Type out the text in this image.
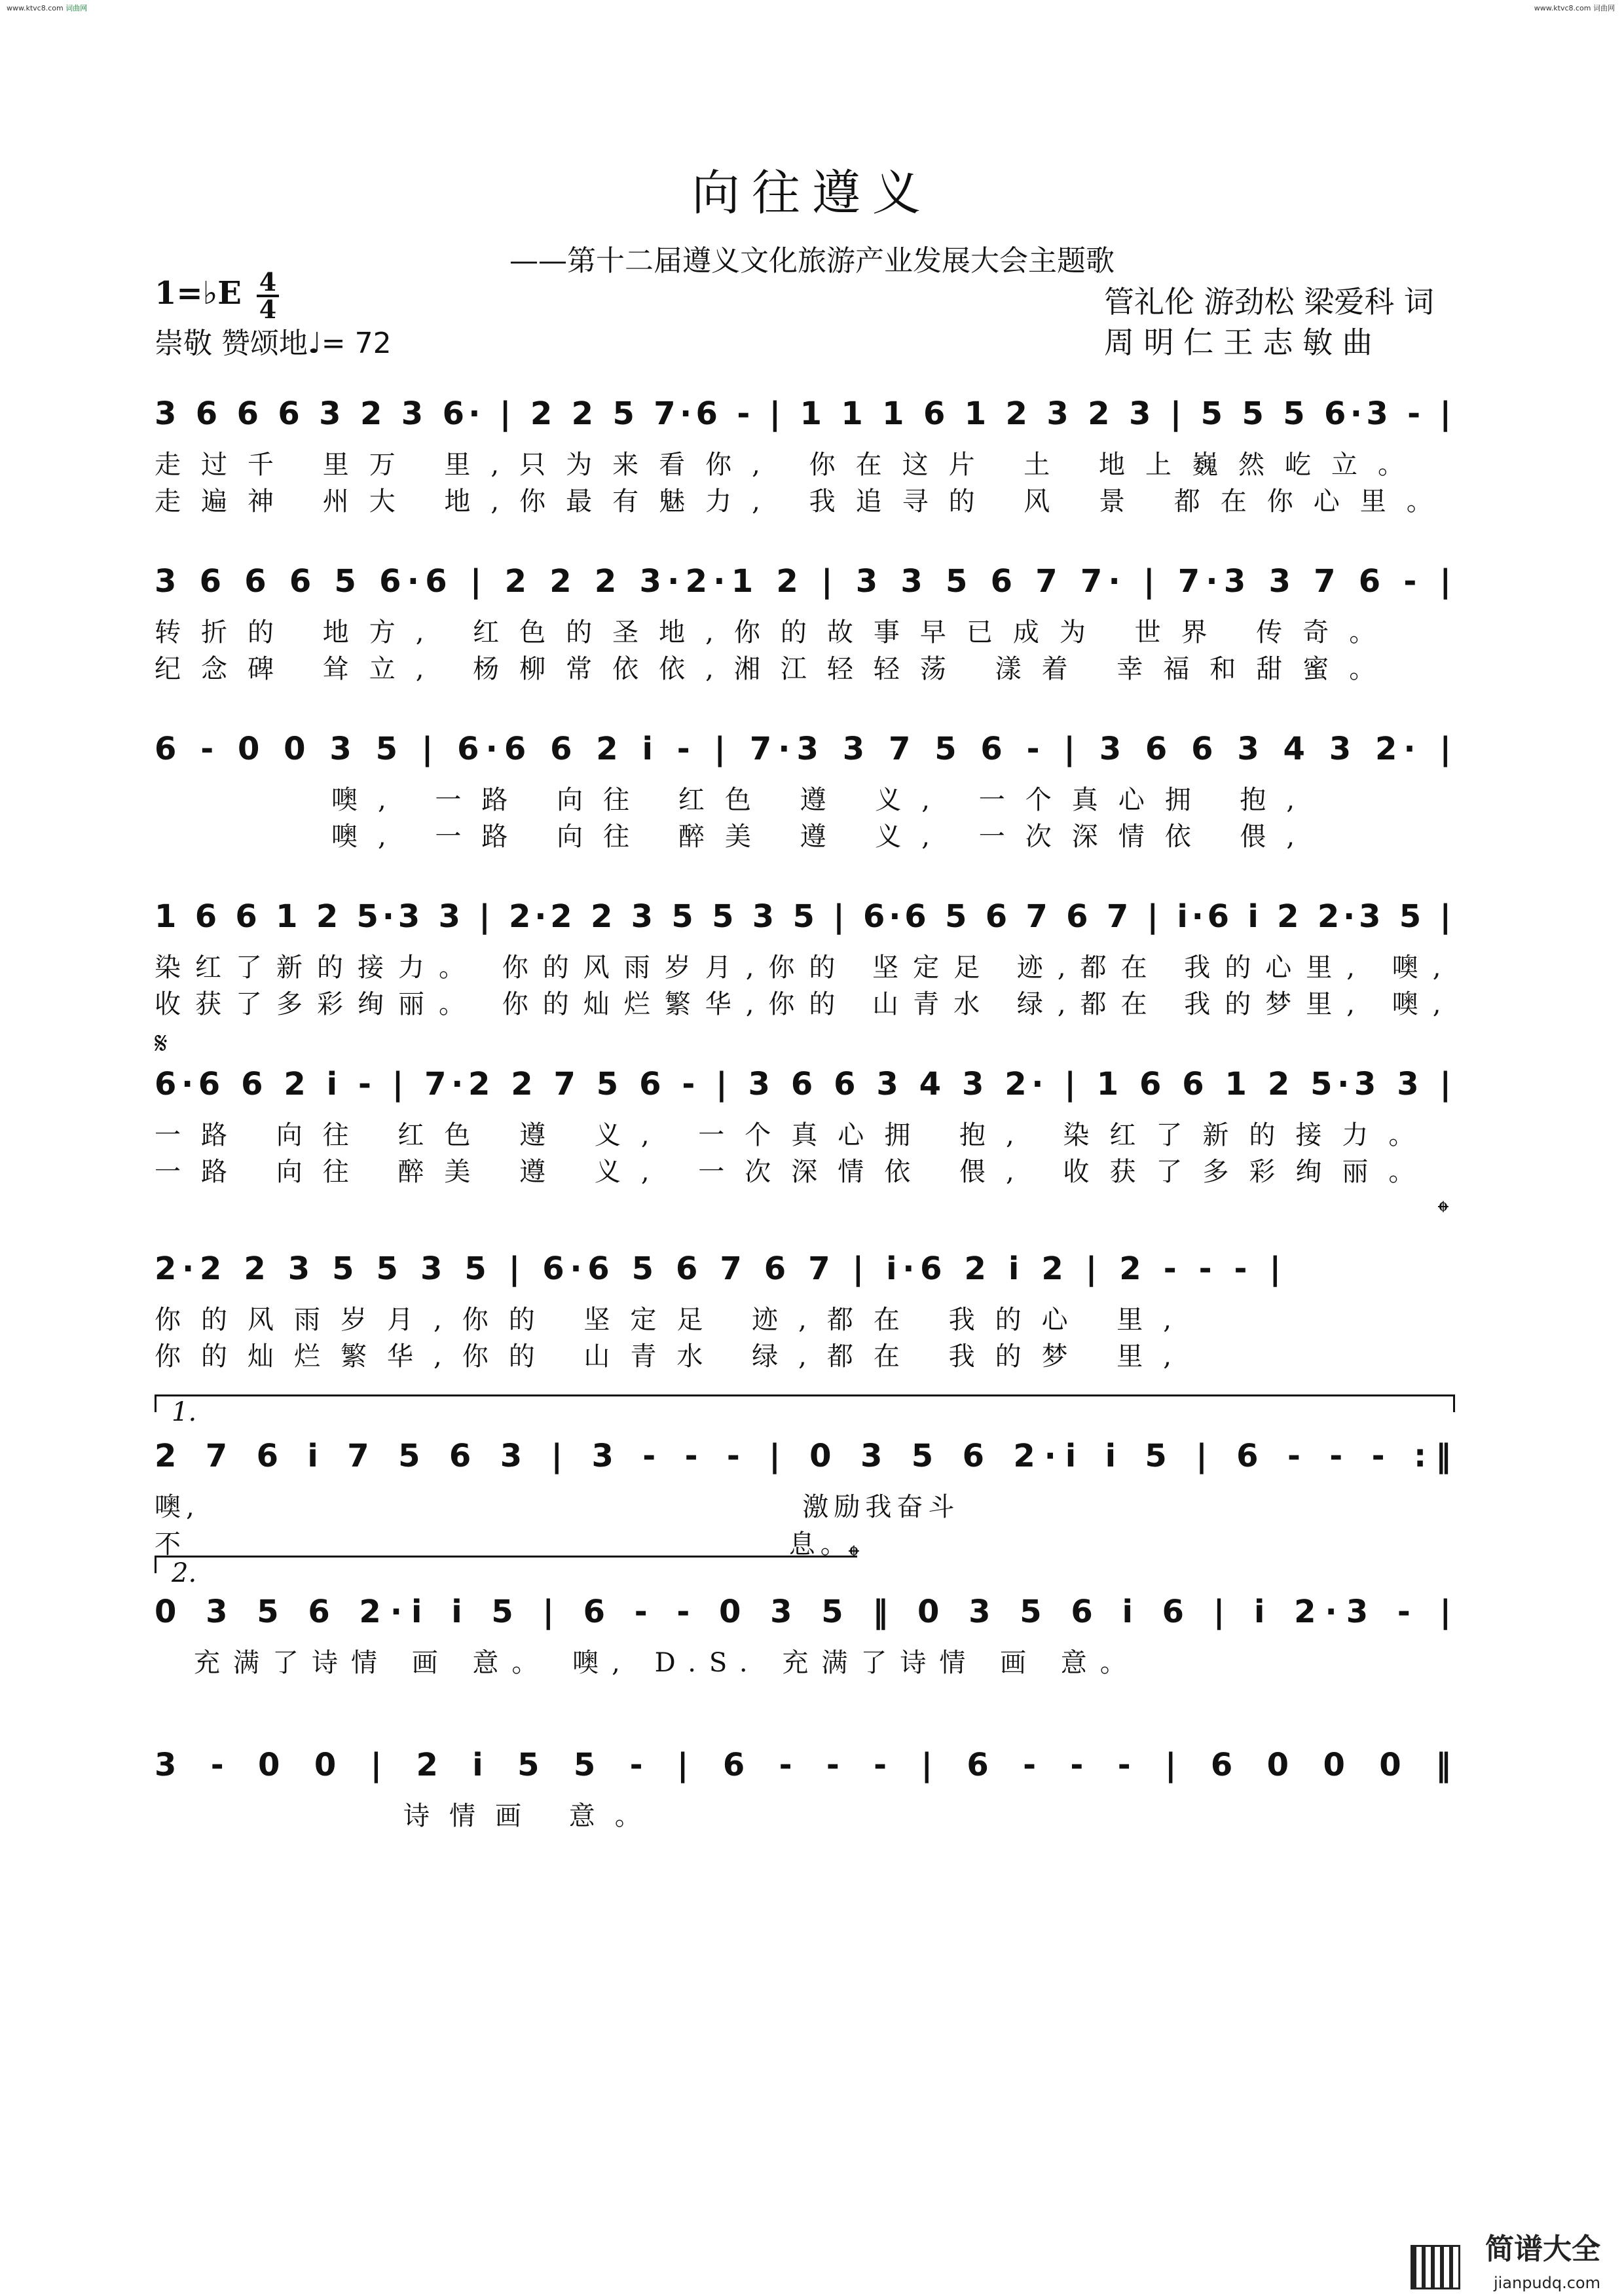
www.ktvc8.com 词曲网	www.ktvc8.com 词曲网
向往遵义
——第十二届遵义文化旅游产业发展大会主题歌
1=♭E 4
4
崇敬 赞颂地♩= 72
管礼伦 游劲松 梁爱科 词
周 明 仁 王 志 敏 曲
3 6 6 6 3 2 3 6· | 2 2 5 7·6 - | 1 1 1 6 1 2 3 2 3 | 5 5 5 6·3 - |
走过千 里万 里,只为来看你, 你在这片 土 地上巍然屹立。
走遍神 州大 地,你最有魅力, 我追寻的 风 景 都在你心里。
3 6 6 6 5 6·6 | 2 2 2 3·2·1 2 | 3 3 5 6 7 7· | 7·3 3 7 6 - |
转折的 地方, 红色的圣地,你的故事早已成为 世界 传奇。
纪念碑 耸立, 杨柳常依依,湘江轻轻荡 漾着 幸福和甜蜜。
6 - 0 0 3 5 | 6·6 6 2 i - | 7·3 3 7 5 6 - | 3 6 6 3 4 3 2· |
噢, 一路 向往 红色 遵 义, 一个真心拥 抱,
噢, 一路 向往 醉美 遵 义, 一次深情依 偎,
1 6 6 1 2 5·3 3 | 2·2 2 3 5 5 3 5 | 6·6 5 6 7 6 7 | i·6 i 2 2·3 5 |
染红了新的接力。 你的风雨岁月,你的 坚定足 迹,都在 我的心里, 噢,
收获了多彩绚丽。 你的灿烂繁华,你的 山青水 绿,都在 我的梦里, 噢,
𝄋
6·6 6 2 i - | 7·2 2 7 5 6 - | 3 6 6 3 4 3 2· | 1 6 6 1 2 5·3 3 |
一路 向往 红色 遵 义, 一个真心拥 抱, 染红了新的接力。
一路 向往 醉美 遵 义, 一次深情依 偎, 收获了多彩绚丽。
𝄌
2·2 2 3 5 5 3 5 | 6·6 5 6 7 6 7 | i·6 2 i 2 | 2 - - - |
你的风雨岁月,你的 坚定足 迹,都在 我的心 里,
你的灿烂繁华,你的 山青水 绿,都在 我的梦 里,
1.
2 7 6 i 7 5 6 3 | 3 - - - | 0 3 5 6 2·i i 5 | 6 - - - :‖
噢, 激励我奋斗 不 息。
2.	𝄌
0 3 5 6 2·i i 5 | 6 - - 0 3 5 ‖ 0 3 5 6 i 6 | i 2·3 - |
充满了诗情 画 意。 噢, D.S. 充满了诗情 画 意。
3 - 0 0 | 2 i 5 5 - | 6 - - - | 6 - - - | 6 0 0 0 ‖
诗情画 意。
简谱大全
jianpudq.com
